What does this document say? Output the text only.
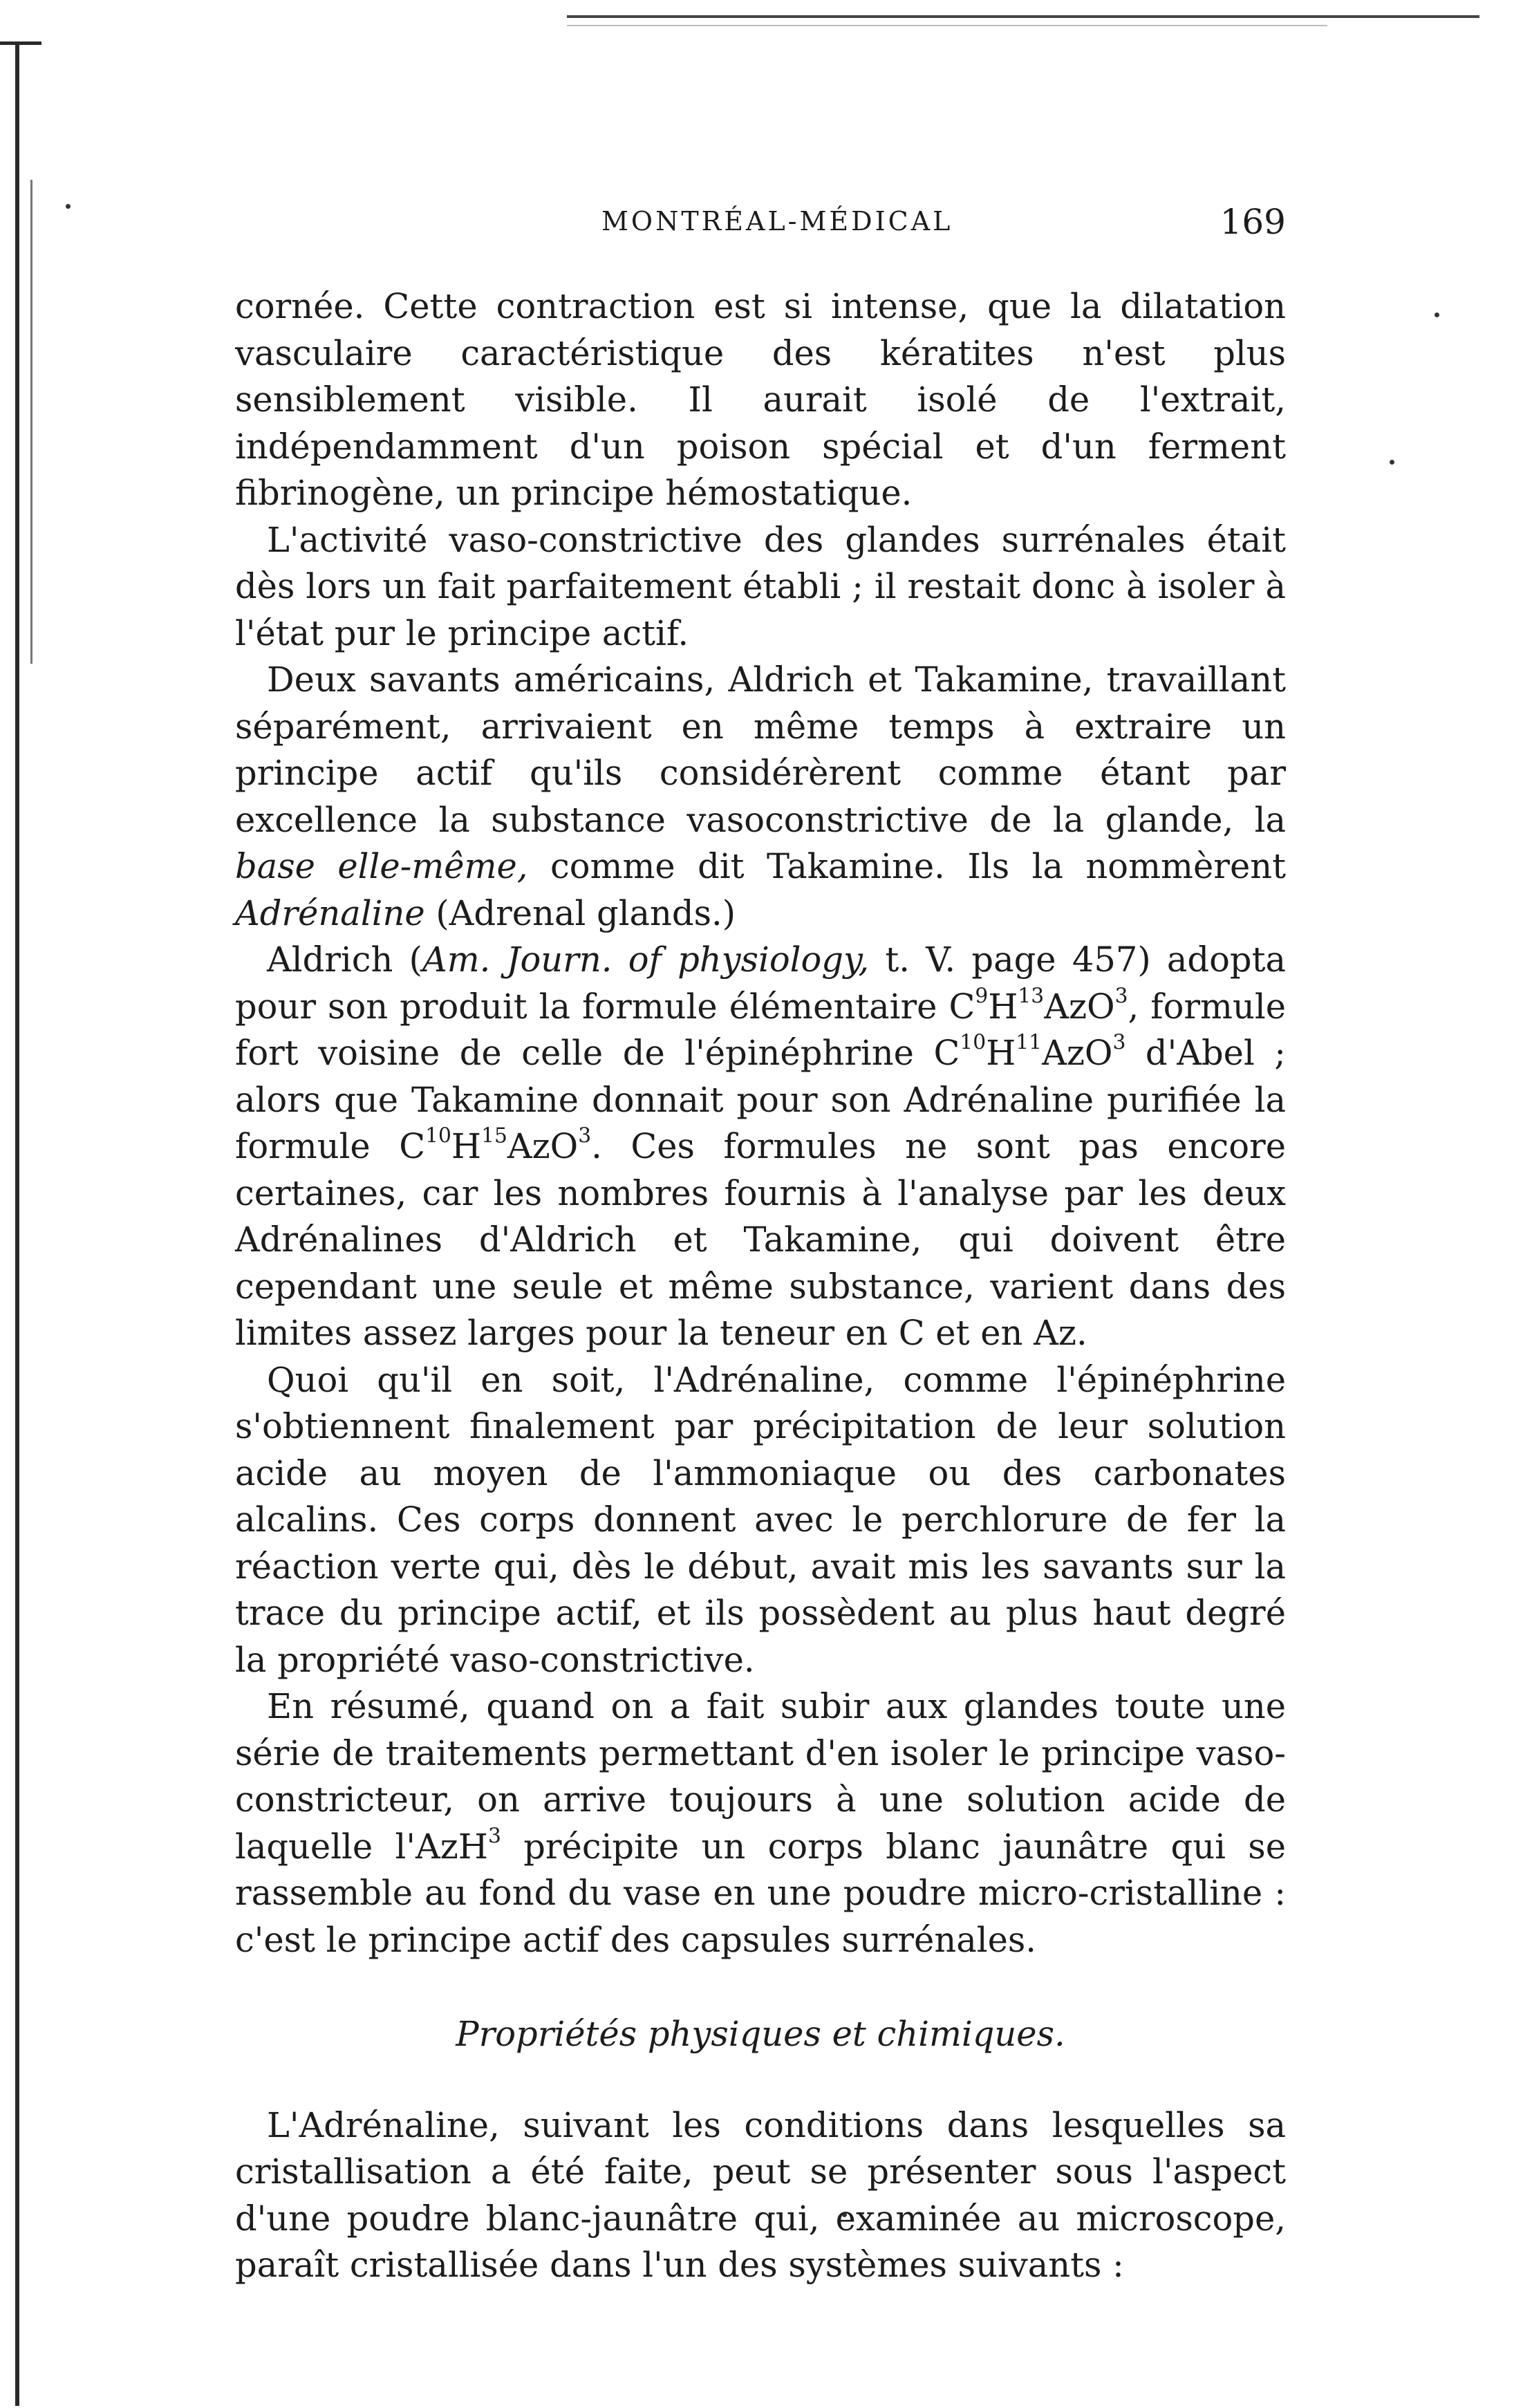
MONTRÉAL-MÉDICAL	169

cornée. Cette contraction est si intense, que la dilatation vasculaire caractéristique des kératites n'est plus sensiblement visible. Il aurait isolé de l'extrait, indépendamment d'un poison spécial et d'un ferment fibrinogène, un principe hémostatique.

L'activité vaso-constrictive des glandes surrénales était dès lors un fait parfaitement établi ; il restait donc à isoler à l'état pur le principe actif.

Deux savants américains, Aldrich et Takamine, travaillant séparément, arrivaient en même temps à extraire un principe actif qu'ils considérèrent comme étant par excellence la substance vasoconstrictive de la glande, la base elle-même, comme dit Takamine. Ils la nommèrent Adrénaline (Adrenal glands.)

Aldrich (Am. Journ. of physiology, t. V. page 457) adopta pour son produit la formule élémentaire $C^9H^{13}AzO^3$, formule fort voisine de celle de l'épinéphrine $C^{10}H^{11}AzO^3$ d'Abel ; alors que Takamine donnait pour son Adrénaline purifiée la formule $C^{10}H^{15}AzO^3$. Ces formules ne sont pas encore certaines, car les nombres fournis à l'analyse par les deux Adrénalines d'Aldrich et Takamine, qui doivent être cependant une seule et même substance, varient dans des limites assez larges pour la teneur en C et en Az.

Quoi qu'il en soit, l'Adrénaline, comme l'épinéphrine s'obtiennent finalement par précipitation de leur solution acide au moyen de l'ammoniaque ou des carbonates alcalins. Ces corps donnent avec le perchlorure de fer la réaction verte qui, dès le début, avait mis les savants sur la trace du principe actif, et ils possèdent au plus haut degré la propriété vaso-constrictive.

En résumé, quand on a fait subir aux glandes toute une série de traitements permettant d'en isoler le principe vaso-constricteur, on arrive toujours à une solution acide de laquelle l'AzH$^3$ précipite un corps blanc jaunâtre qui se rassemble au fond du vase en une poudre micro-cristalline : c'est le principe actif des capsules surrénales.

Propriétés physiques et chimiques.

L'Adrénaline, suivant les conditions dans lesquelles sa cristallisation a été faite, peut se présenter sous l'aspect d'une poudre blanc-jaunâtre qui, examinée au microscope, paraît cristallisée dans l'un des systèmes suivants :
